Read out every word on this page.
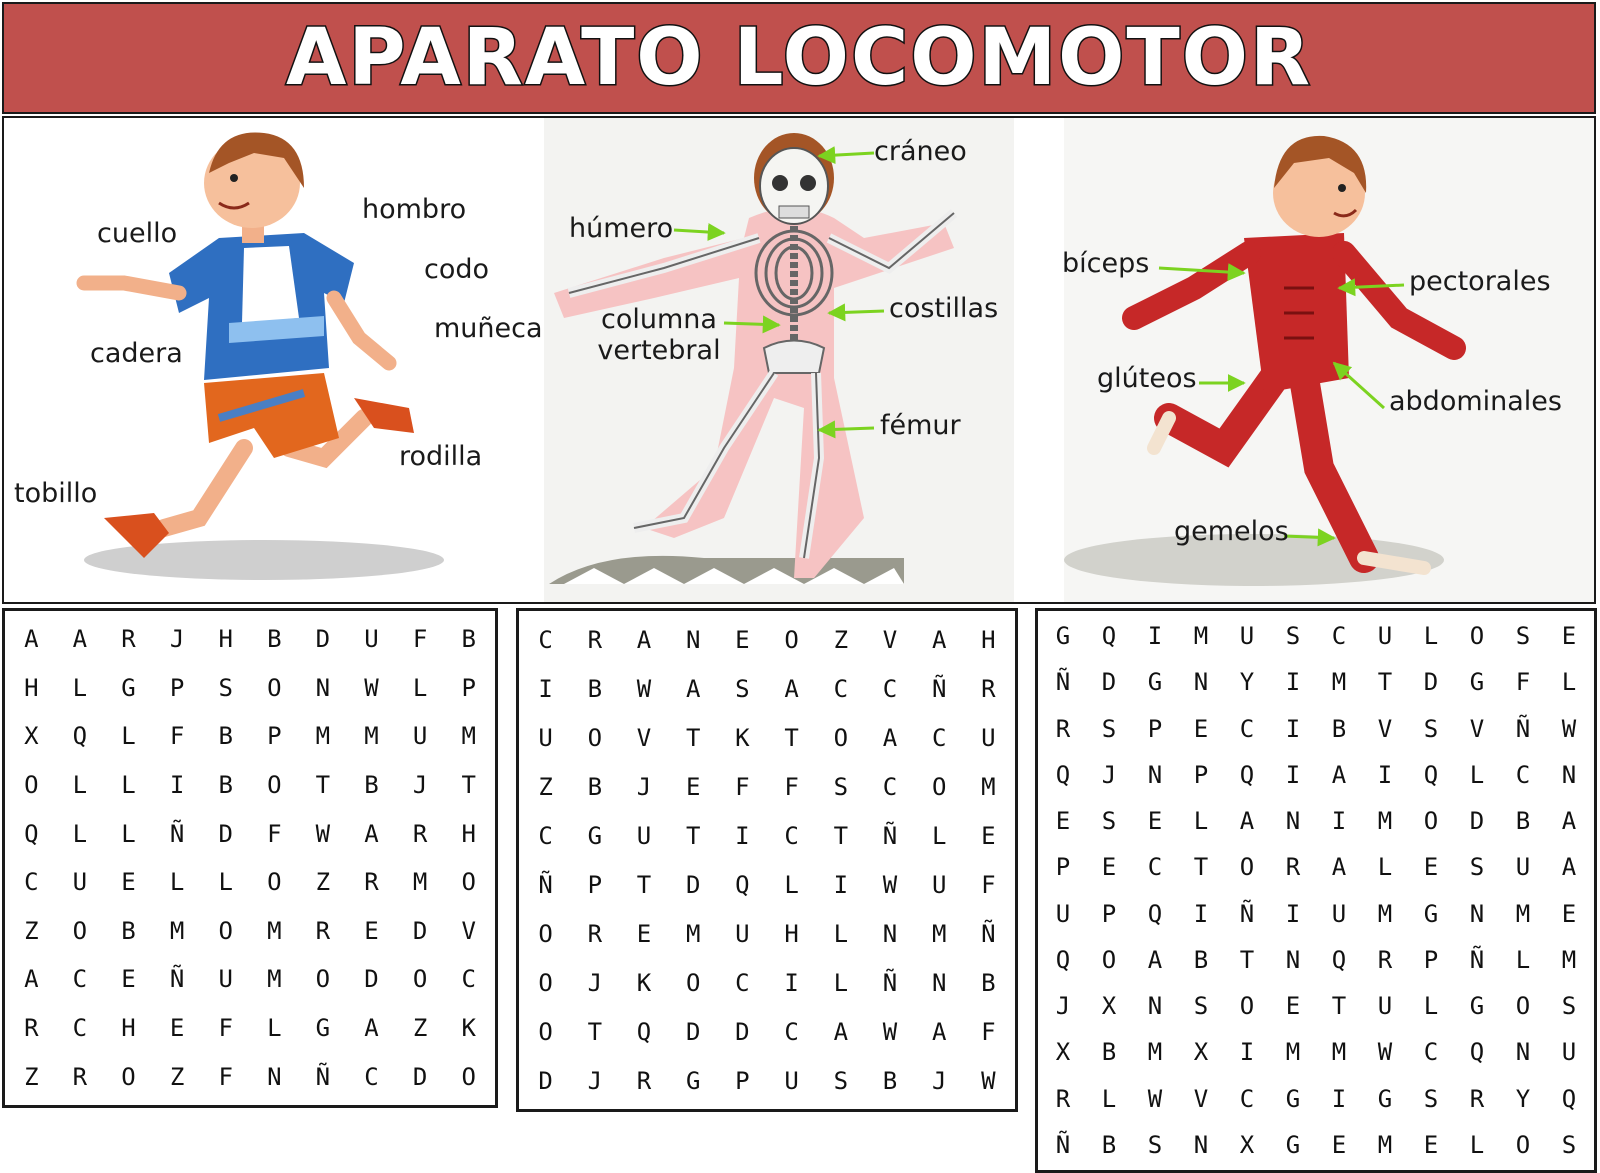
APARATO LOCOMOTOR
cuello
hombro
codo
muñeca
cadera
rodilla
tobillo
cráneo
húmero
columna vertebral
costillas
fémur
bíceps
pectorales
glúteos
abdominales
gemelos
A	A	R	J	H	B	D	U	F	B
H	L	G	P	S	O	N	W	L	P
X	Q	L	F	B	P	M	M	U	M
O	L	L	I	B	O	T	B	J	T
Q	L	L	Ñ	D	F	W	A	R	H
C	U	E	L	L	O	Z	R	M	O
Z	O	B	M	O	M	R	E	D	V
A	C	E	Ñ	U	M	O	D	O	C
R	C	H	E	F	L	G	A	Z	K
Z	R	O	Z	F	N	Ñ	C	D	O
C	R	A	N	E	O	Z	V	A	H
I	B	W	A	S	A	C	C	Ñ	R
U	O	V	T	K	T	O	A	C	U
Z	B	J	E	F	F	S	C	O	M
C	G	U	T	I	C	T	Ñ	L	E
Ñ	P	T	D	Q	L	I	W	U	F
O	R	E	M	U	H	L	N	M	Ñ
O	J	K	O	C	I	L	Ñ	N	B
O	T	Q	D	D	C	A	W	A	F
D	J	R	G	P	U	S	B	J	W
G	Q	I	M	U	S	C	U	L	O	S	E
Ñ	D	G	N	Y	I	M	T	D	G	F	L
R	S	P	E	C	I	B	V	S	V	Ñ	W
Q	J	N	P	Q	I	A	I	Q	L	C	N
E	S	E	L	A	N	I	M	O	D	B	A
P	E	C	T	O	R	A	L	E	S	U	A
U	P	Q	I	Ñ	I	U	M	G	N	M	E
Q	O	A	B	T	N	Q	R	P	Ñ	L	M
J	X	N	S	O	E	T	U	L	G	O	S
X	B	M	X	I	M	M	W	C	Q	N	U
R	L	W	V	C	G	I	G	S	R	Y	Q
Ñ	B	S	N	X	G	E	M	E	L	O	S
